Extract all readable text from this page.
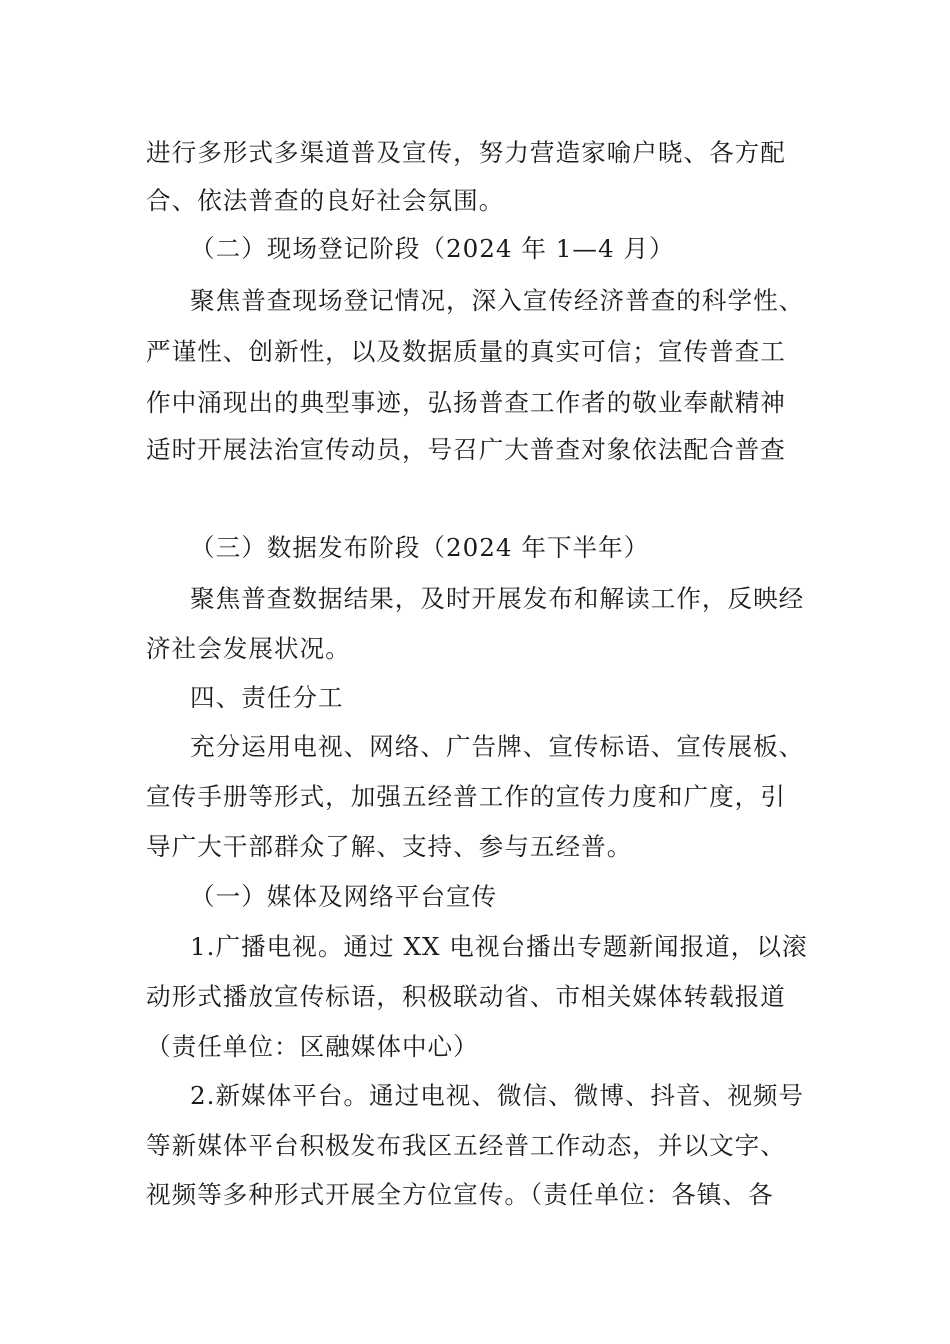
进行多形式多渠道普及宣传，努力营造家喻户晓、各方配
合、依法普查的良好社会氛围。
（二）现场登记阶段（2024 年 1—4 月）
聚焦普查现场登记情况，深入宣传经济普查的科学性、
严谨性、创新性，以及数据质量的真实可信；宣传普查工
作中涌现出的典型事迹，弘扬普查工作者的敬业奉献精神
适时开展法治宣传动员，号召广大普查对象依法配合普查
（三）数据发布阶段（2024 年下半年）
聚焦普查数据结果，及时开展发布和解读工作，反映经
济社会发展状况。
四、责任分工
充分运用电视、网络、广告牌、宣传标语、宣传展板、
宣传手册等形式，加强五经普工作的宣传力度和广度，引
导广大干部群众了解、支持、参与五经普。
（一）媒体及网络平台宣传
1.广播电视。通过 XX 电视台播出专题新闻报道，以滚
动形式播放宣传标语，积极联动省、市相关媒体转载报道
（责任单位：区融媒体中心）
2.新媒体平台。通过电视、微信、微博、抖音、视频号
等新媒体平台积极发布我区五经普工作动态，并以文字、
视频等多种形式开展全方位宣传。（责任单位：各镇、各
